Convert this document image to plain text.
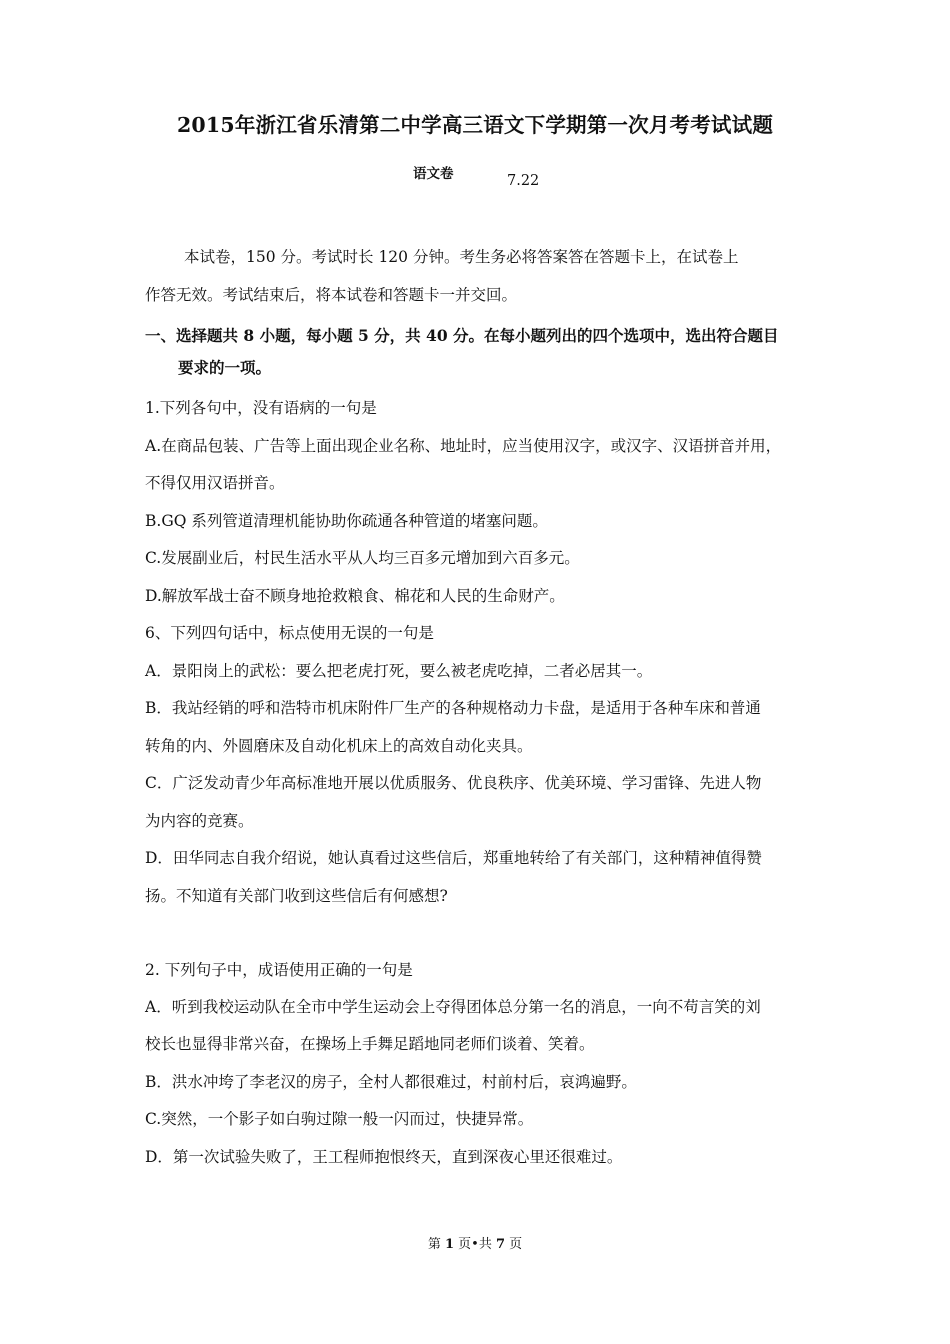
2015年浙江省乐清第二中学高三语文下学期第一次月考考试试题
语文卷	7.22
本试卷，150 分。考试时长 120 分钟。考生务必将答案答在答题卡上，在试卷上
作答无效。考试结束后，将本试卷和答题卡一并交回。
一、选择题共 8 小题，每小题 5 分，共 40 分。在每小题列出的四个选项中，选出符合题目
要求的一项。
1.下列各句中，没有语病的一句是
A.在商品包装、广告等上面出现企业名称、地址时，应当使用汉字，或汉字、汉语拼音并用，
不得仅用汉语拼音。
B.GQ 系列管道清理机能协助你疏通各种管道的堵塞问题。
C.发展副业后，村民生活水平从人均三百多元增加到六百多元。
D.解放军战士奋不顾身地抢救粮食、棉花和人民的生命财产。
6、下列四句话中，标点使用无误的一句是
A．景阳岗上的武松：要么把老虎打死，要么被老虎吃掉，二者必居其一。
B．我站经销的呼和浩特市机床附件厂生产的各种规格动力卡盘，是适用于各种车床和普通
转角的内、外圆磨床及自动化机床上的高效自动化夹具。
C．广泛发动青少年高标准地开展以优质服务、优良秩序、优美环境、学习雷锋、先进人物
为内容的竞赛。
D．田华同志自我介绍说，她认真看过这些信后，郑重地转给了有关部门，这种精神值得赞
扬。不知道有关部门收到这些信后有何感想?
2. 下列句子中，成语使用正确的一句是
A．听到我校运动队在全市中学生运动会上夺得团体总分第一名的消息，一向不苟言笑的刘
校长也显得非常兴奋，在操场上手舞足蹈地同老师们谈着、笑着。
B．洪水冲垮了李老汉的房子，全村人都很难过，村前村后，哀鸿遍野。
C.突然，一个影子如白驹过隙一般一闪而过，快捷异常。
D．第一次试验失败了，王工程师抱恨终天，直到深夜心里还很难过。
第 1 页•共 7 页
